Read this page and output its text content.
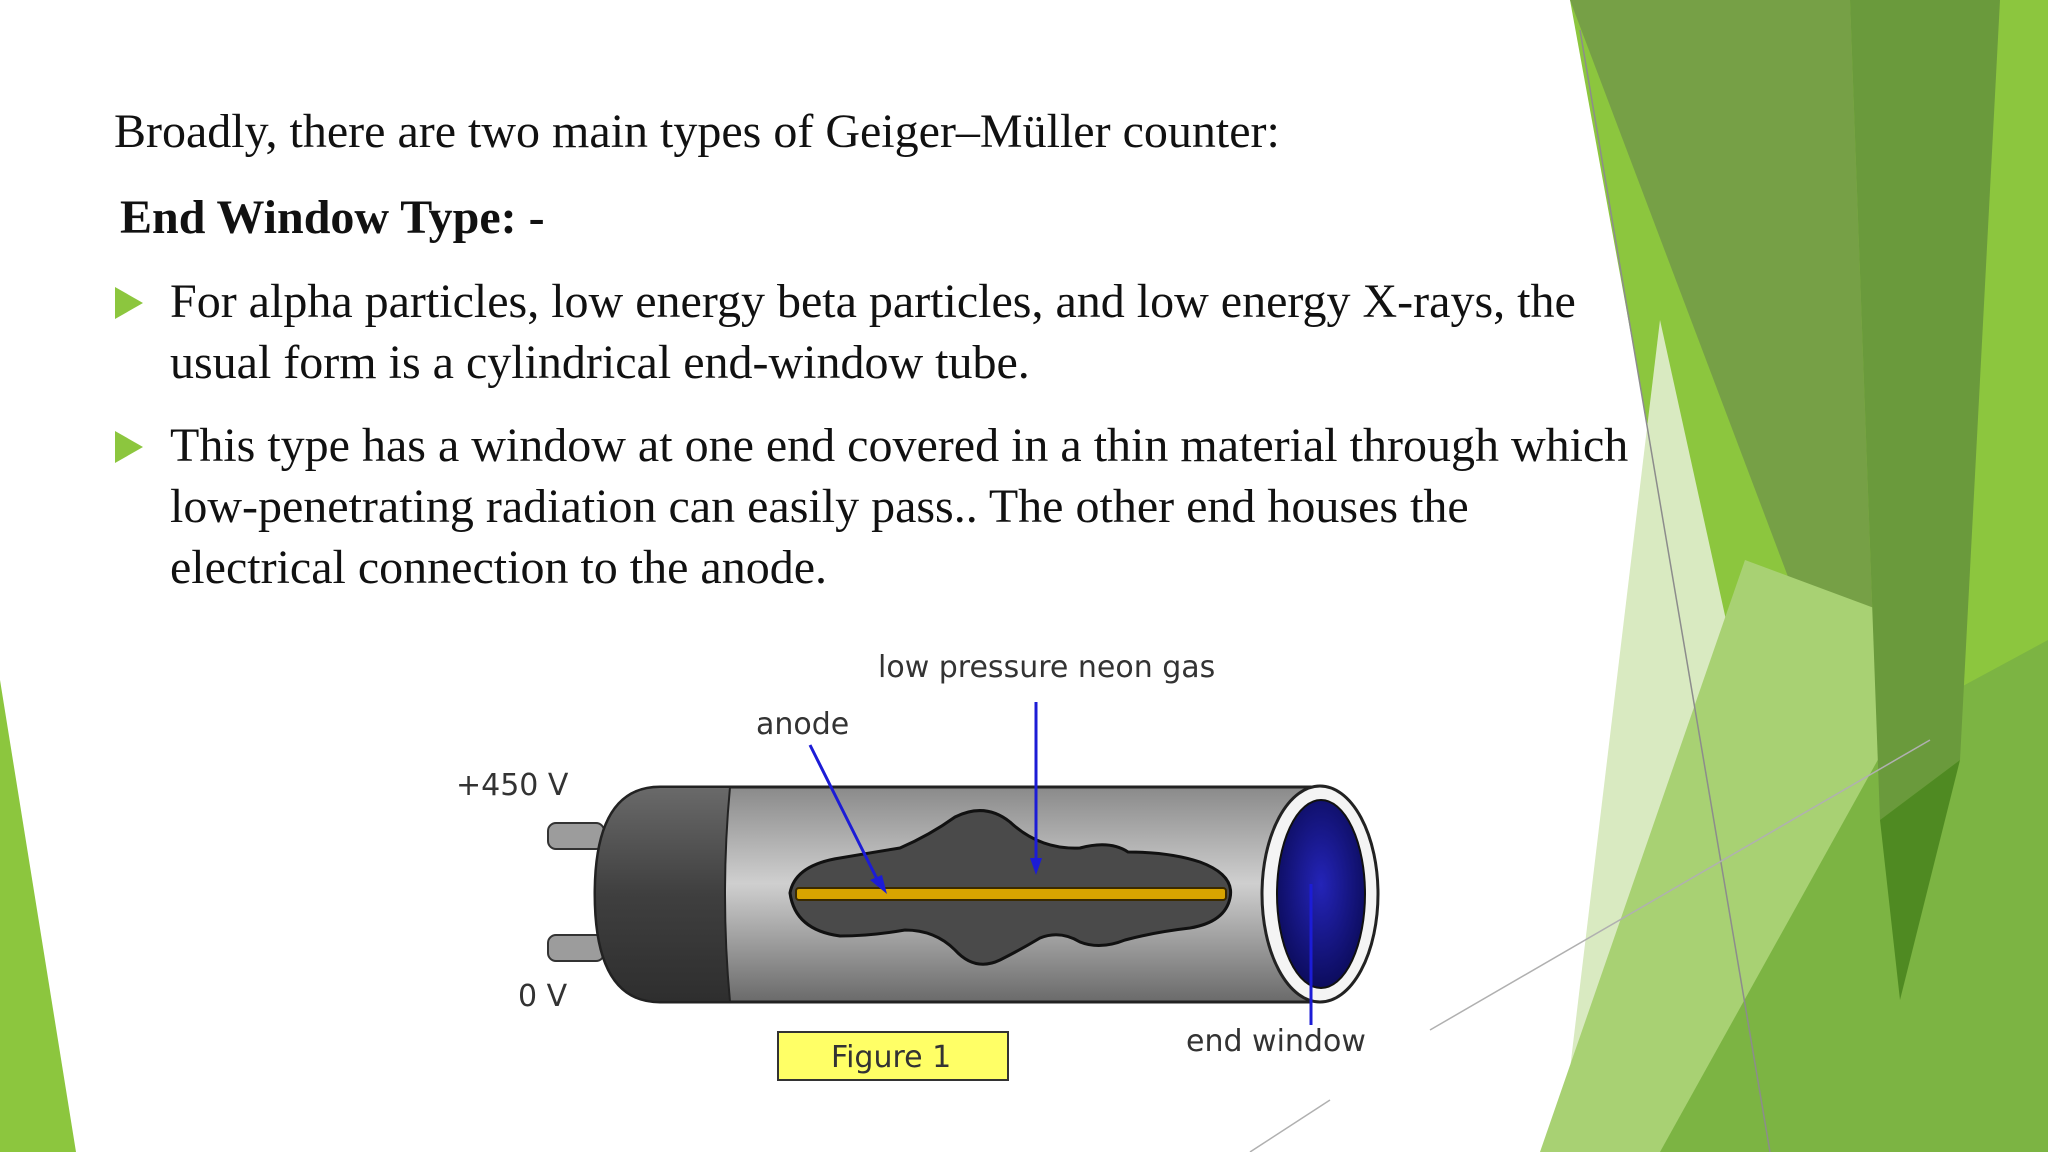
Broadly, there are two main types of Geiger–Müller counter:
End Window Type: -
For alpha particles, low energy beta particles, and low energy X-rays, the usual form is a cylindrical end-window tube.
This type has a window at one end covered in a thin material through which low-penetrating radiation can easily pass.. The other end houses the electrical connection to the anode.
low pressure neon gas
anode
+450 V
0 V
end window
Figure 1
